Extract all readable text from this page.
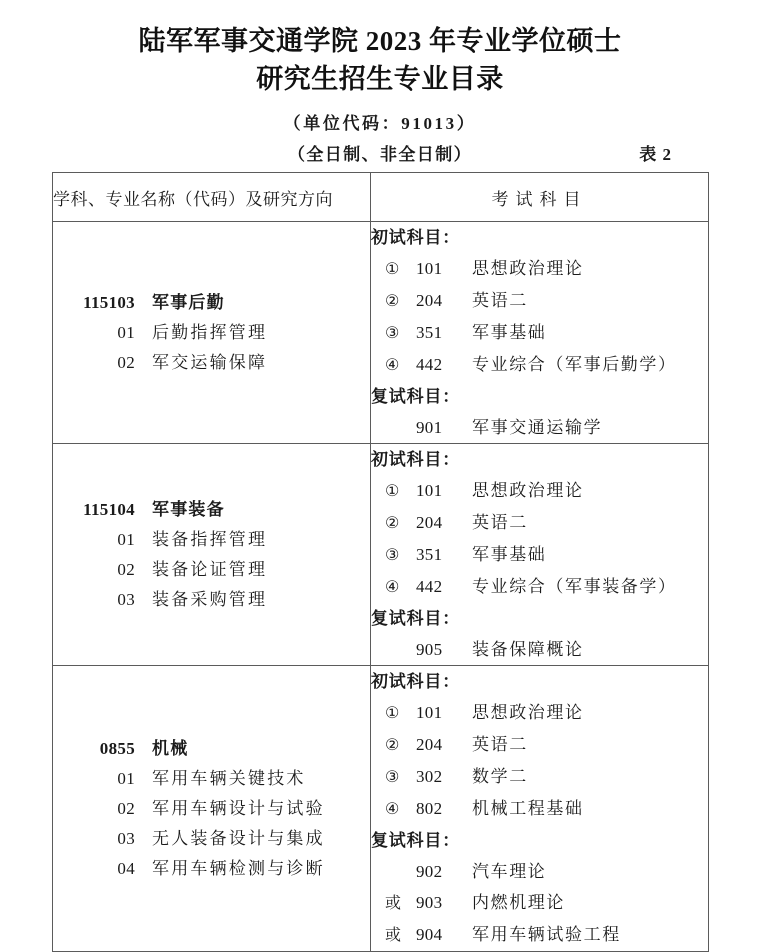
陆军军事交通学院 2023 年专业学位硕士
研究生招生专业目录
（单位代码：91013）
（全日制、非全日制）	表 2
学科、专业名称（代码）及研究方向	考试科目

115103 军事后勤
01 后勤指挥管理
02 军交运输保障

初试科目：
① 101	思想政治理论
② 204	英语二
③ 351	军事基础
④ 442	专业综合（军事后勤学）
复试科目：
901	军事交通运输学

115104 军事装备
01 装备指挥管理
02 装备论证管理
03 装备采购管理

初试科目：
① 101	思想政治理论
② 204	英语二
③ 351	军事基础
④ 442	专业综合（军事装备学）
复试科目：
905	装备保障概论

0855 机械
01 军用车辆关键技术
02 军用车辆设计与试验
03 无人装备设计与集成
04 军用车辆检测与诊断

初试科目：
① 101	思想政治理论
② 204	英语二
③ 302	数学二
④ 802	机械工程基础
复试科目：
902	汽车理论
或 903	内燃机理论
或 904	军用车辆试验工程
